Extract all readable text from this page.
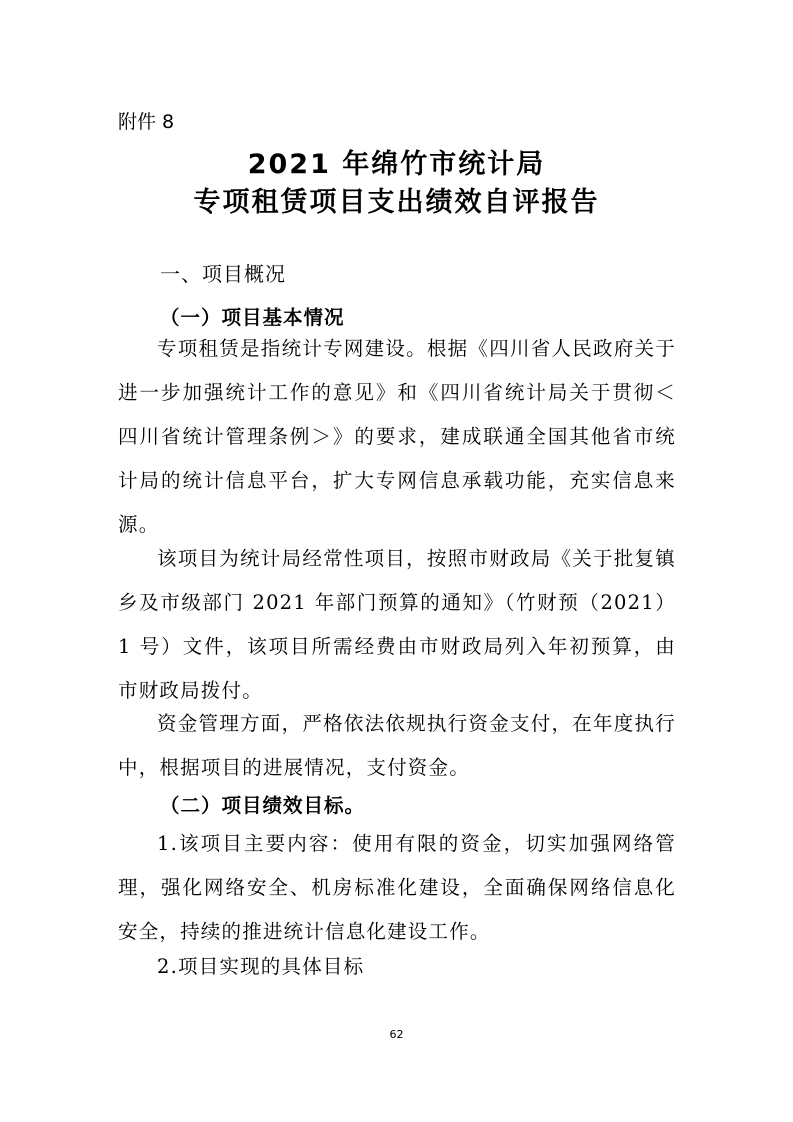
附件 8
2021 年绵竹市统计局
专项租赁项目支出绩效自评报告
一、项目概况
（一）项目基本情况
专项租赁是指统计专网建设。根据《四川省人民政府关于进一步加强统计工作的意见》和《四川省统计局关于贯彻＜四川省统计管理条例＞》的要求，建成联通全国其他省市统计局的统计信息平台，扩大专网信息承载功能，充实信息来源。
该项目为统计局经常性项目，按照市财政局《关于批复镇乡及市级部门 2021 年部门预算的通知》（竹财预（2021）1 号）文件，该项目所需经费由市财政局列入年初预算，由市财政局拨付。
资金管理方面，严格依法依规执行资金支付，在年度执行中，根据项目的进展情况，支付资金。
（二）项目绩效目标。
1.该项目主要内容：使用有限的资金，切实加强网络管理，强化网络安全、机房标准化建设，全面确保网络信息化安全，持续的推进统计信息化建设工作。
2.项目实现的具体目标
62
